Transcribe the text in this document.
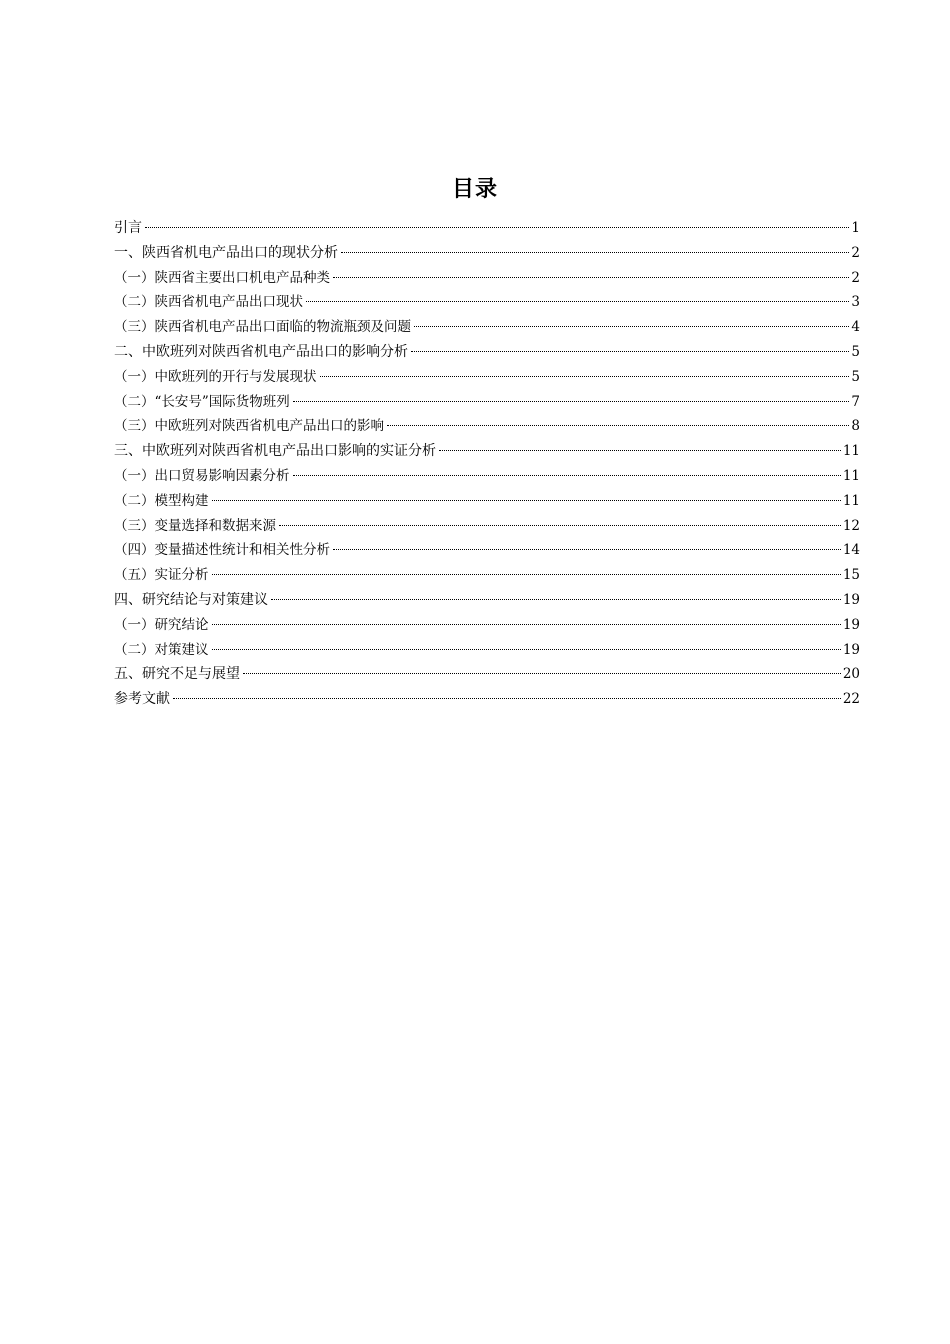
目录
引言	1
一、陕西省机电产品出口的现状分析	2
（一）陕西省主要出口机电产品种类	2
（二）陕西省机电产品出口现状	3
（三）陕西省机电产品出口面临的物流瓶颈及问题	4
二、中欧班列对陕西省机电产品出口的影响分析	5
（一）中欧班列的开行与发展现状	5
（二）“长安号”国际货物班列	7
（三）中欧班列对陕西省机电产品出口的影响	8
三、中欧班列对陕西省机电产品出口影响的实证分析	11
（一）出口贸易影响因素分析	11
（二）模型构建	11
（三）变量选择和数据来源	12
（四）变量描述性统计和相关性分析	14
（五）实证分析	15
四、研究结论与对策建议	19
（一）研究结论	19
（二）对策建议	19
五、研究不足与展望	20
参考文献	22
